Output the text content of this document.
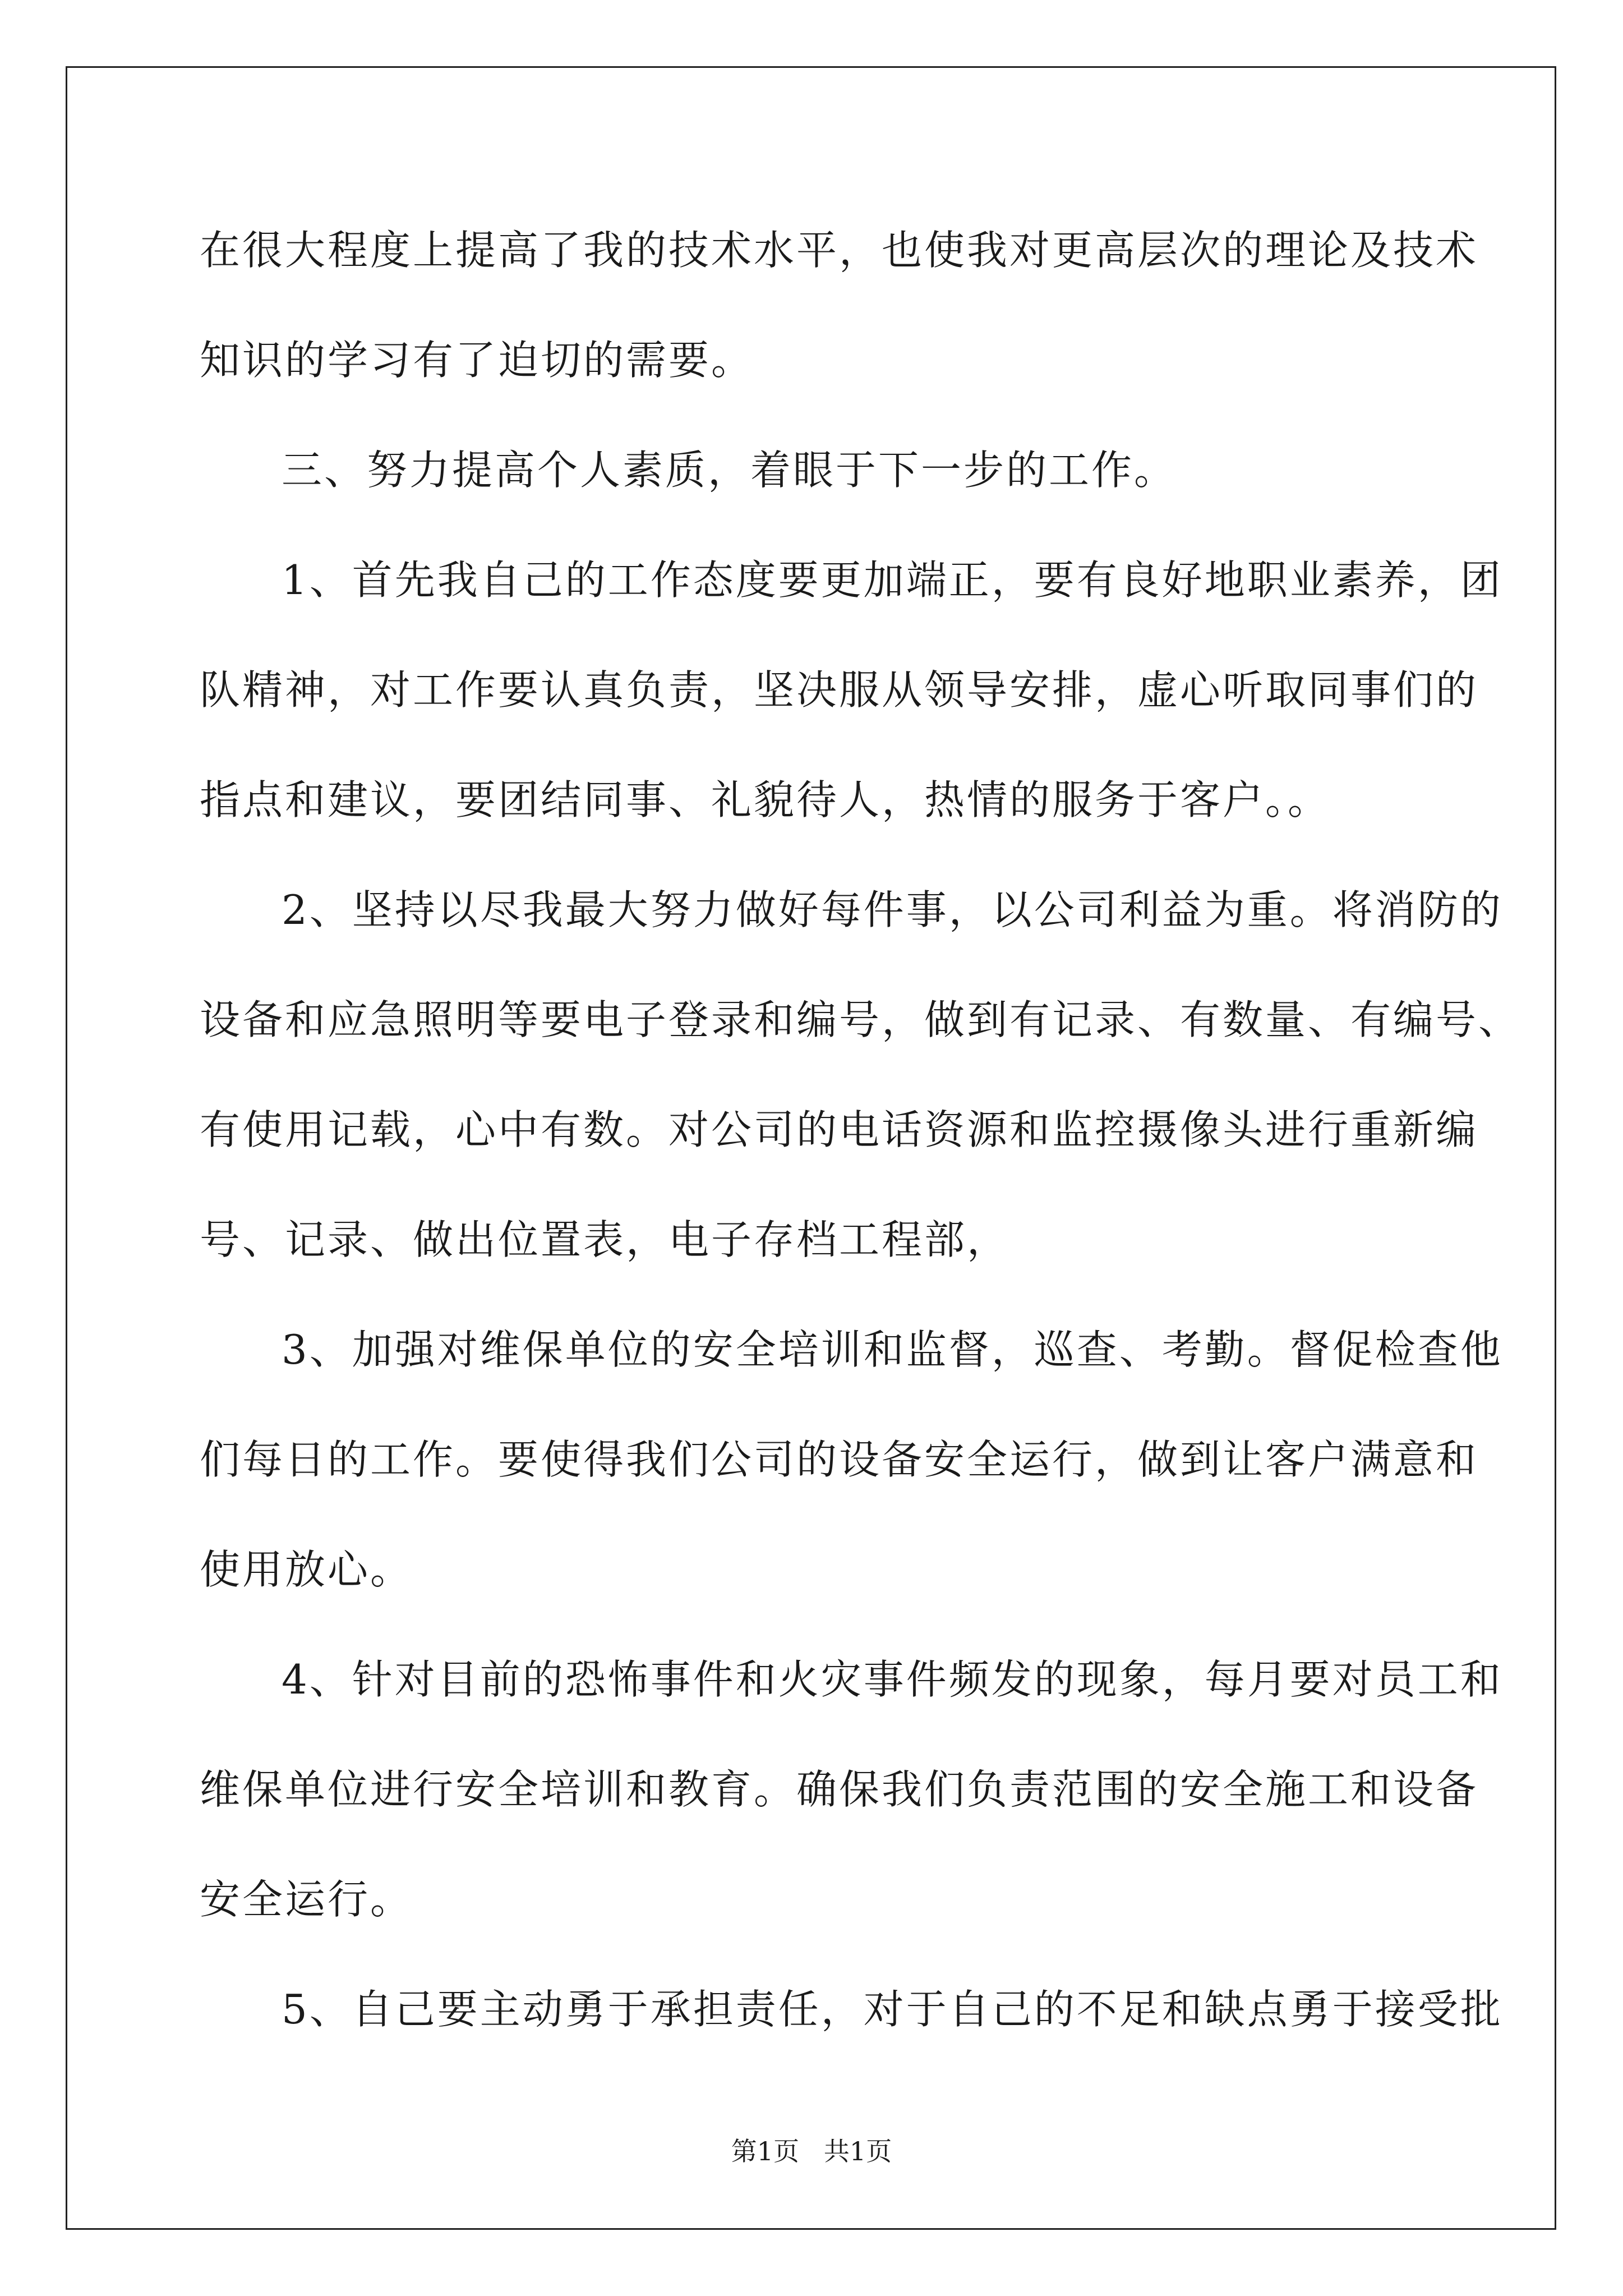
在很大程度上提高了我的技术水平，也使我对更高层次的理论及技术
知识的学习有了迫切的需要。
三、努力提高个人素质，着眼于下一步的工作。
1、首先我自己的工作态度要更加端正，要有良好地职业素养，团
队精神，对工作要认真负责，坚决服从领导安排，虚心听取同事们的
指点和建议，要团结同事、礼貌待人，热情的服务于客户。。
2、坚持以尽我最大努力做好每件事，以公司利益为重。将消防的
设备和应急照明等要电子登录和编号，做到有记录、有数量、有编号、
有使用记载，心中有数。对公司的电话资源和监控摄像头进行重新编
号、记录、做出位置表，电子存档工程部，
3、加强对维保单位的安全培训和监督，巡查、考勤。督促检查他
们每日的工作。要使得我们公司的设备安全运行，做到让客户满意和
使用放心。
4、针对目前的恐怖事件和火灾事件频发的现象，每月要对员工和
维保单位进行安全培训和教育。确保我们负责范围的安全施工和设备
安全运行。
5、自己要主动勇于承担责任，对于自己的不足和缺点勇于接受批
第1页   共1页
